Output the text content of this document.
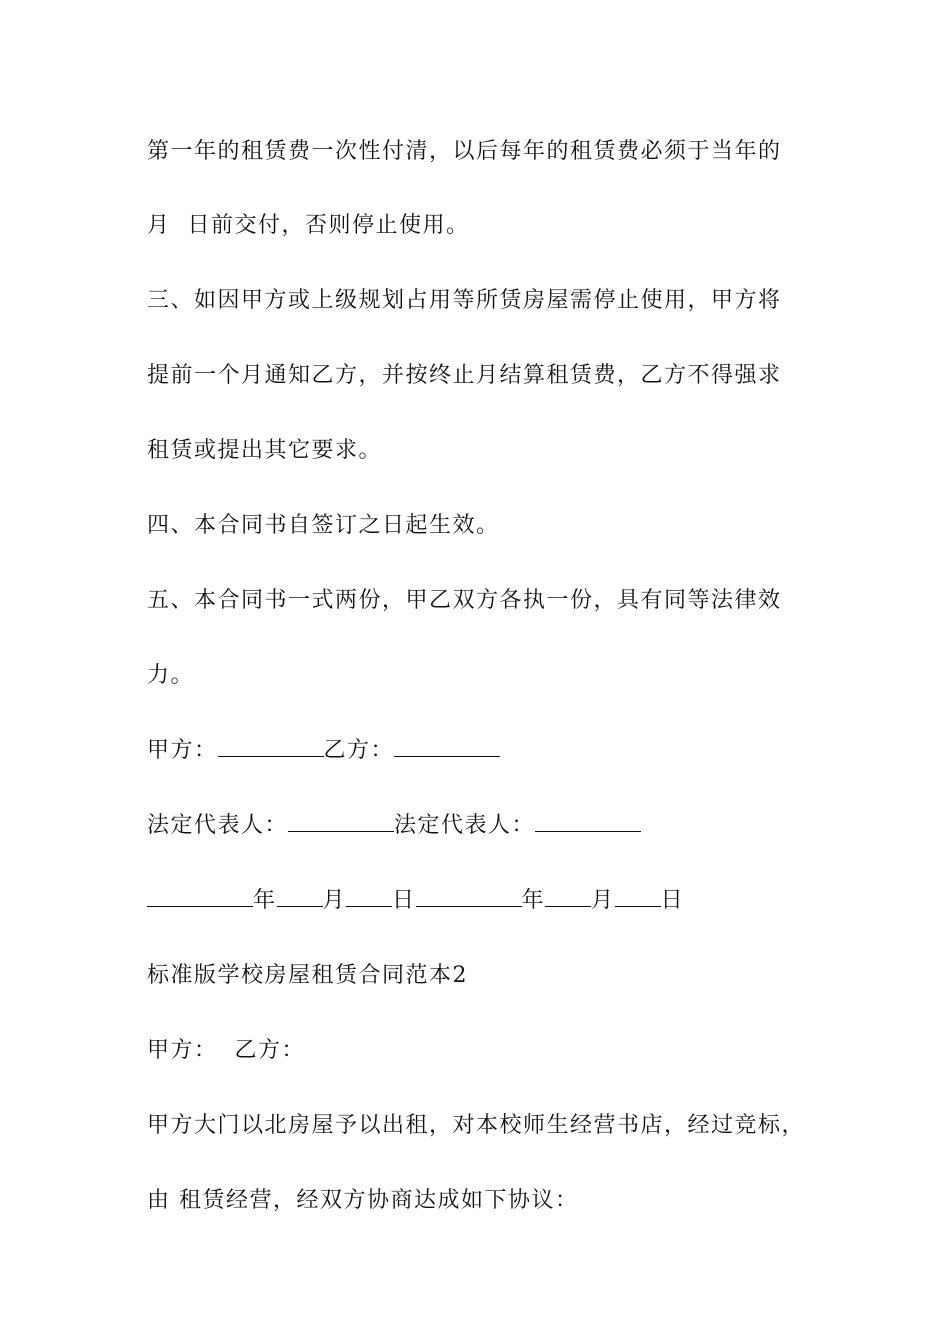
第一年的租赁费一次性付清，以后每年的租赁费必须于当年的
月  日前交付，否则停止使用。
三、如因甲方或上级规划占用等所赁房屋需停止使用，甲方将
提前一个月通知乙方，并按终止月结算租赁费，乙方不得强求
租赁或提出其它要求。
四、本合同书自签订之日起生效。
五、本合同书一式两份，甲乙双方各执一份，具有同等法律效
力。
甲方：	乙方：
法定代表人：	法定代表人：
年 月 日	年 月 日
标准版学校房屋租赁合同范本2
甲方：  乙方：
甲方大门以北房屋予以出租，对本校师生经营书店，经过竞标，
由 租赁经营，经双方协商达成如下协议：
